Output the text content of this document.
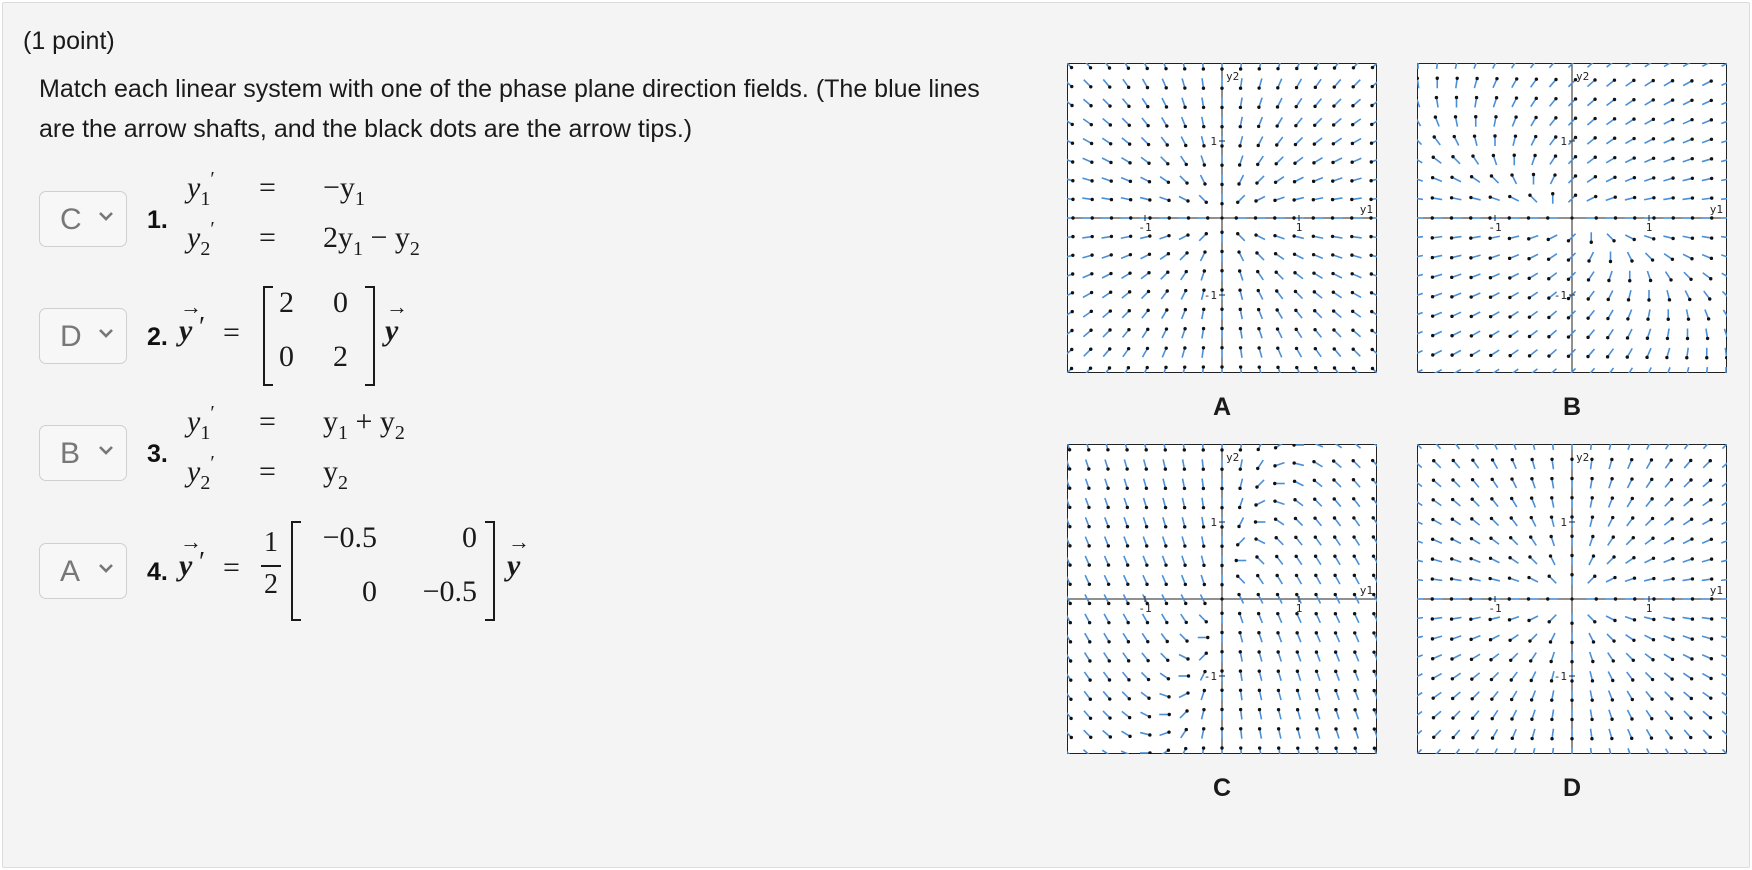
(1 point)
Match each linear system with one of the phase plane direction fields. (The blue lines are the arrow shafts, and the black dots are the arrow tips.)
C	1.
$y_1' = -y_1$
$y_2' = 2y_1 - y_2$
D	2.
→
y ′ =
2 0
0 2
→
y
B	3.
$y_1' = y_1 + y_2$
$y_2' = y_2$
A	4.
→
y ′ =
1
2
−0.5	0
0	−0.5
→
y
y2
y1
-1	1
1
-1
A
y2
y1
-1	1
1
-1
B
y2
y1
-1	1
1
-1
C
y2
y1
-1	1
1
-1
D
